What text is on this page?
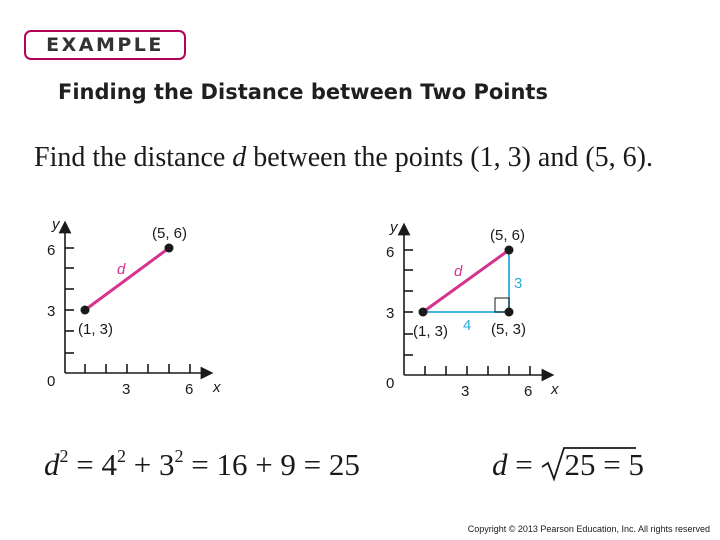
EXAMPLE
Finding the Distance between Two Points
Find the distance d between the points (1, 3) and (5, 6).
y
x
6
3
0	3	6
(5, 6)
(1, 3)
d
y
x
6
3
0	3	6
(5, 6)
(1, 3)	(5, 3)
d
4
3
$d^2 = 4^2 + 3^2 = 16 + 9 = 25$	d =
25 = 5
Copyright © 2013 Pearson Education, Inc. All rights reserved
